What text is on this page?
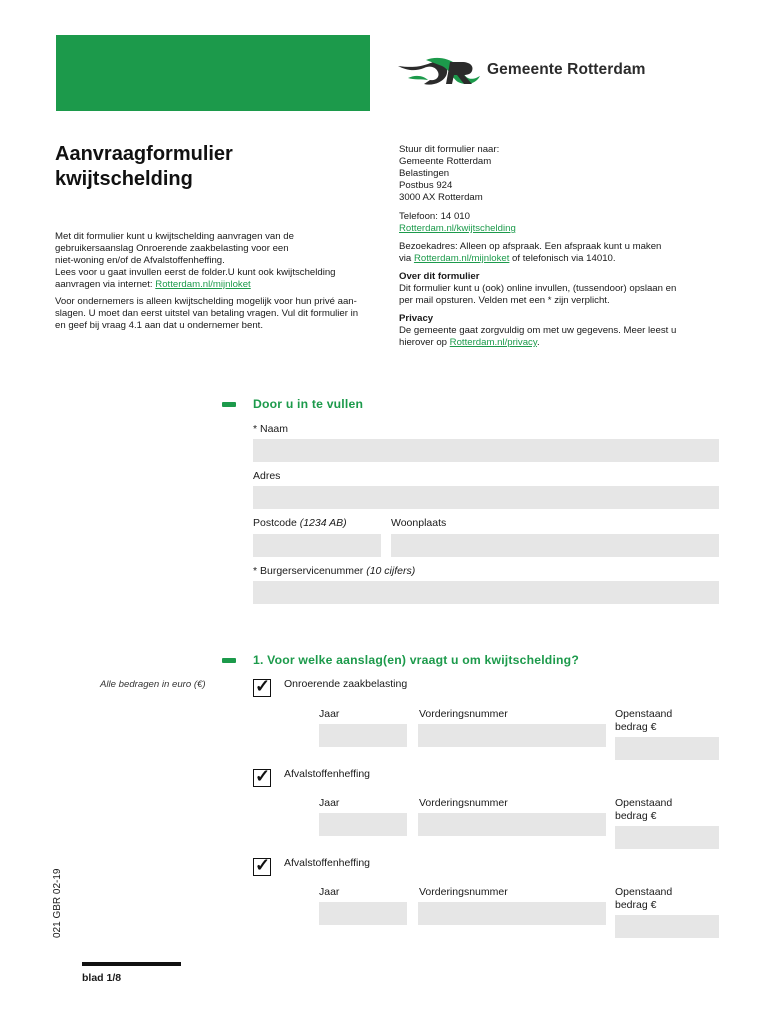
Gemeente Rotterdam
Aanvraagformulier
kwijtschelding
Met dit formulier kunt u kwijtschelding aanvragen van de
gebruikersaanslag Onroerende zaakbelasting voor een
niet-woning en/of de Afvalstoffenheffing.
Lees voor u gaat invullen eerst de folder.U kunt ook kwijtschelding
aanvragen via internet: Rotterdam.nl/mijnloket
Voor ondernemers is alleen kwijtschelding mogelijk voor hun privé aan-
slagen. U moet dan eerst uitstel van betaling vragen. Vul dit formulier in
en geef bij vraag 4.1 aan dat u ondernemer bent.
Stuur dit formulier naar:
Gemeente Rotterdam
Belastingen
Postbus 924
3000 AX Rotterdam
Telefoon: 14 010
Rotterdam.nl/kwijtschelding
Bezoekadres: Alleen op afspraak. Een afspraak kunt u maken
via Rotterdam.nl/mijnloket of telefonisch via 14010.
Over dit formulier
Dit formulier kunt u (ook) online invullen, (tussendoor) opslaan en
per mail opsturen. Velden met een * zijn verplicht.
Privacy
De gemeente gaat zorgvuldig om met uw gegevens. Meer leest u
hierover op Rotterdam.nl/privacy.
Door u in te vullen
* Naam
Adres
Postcode (1234 AB)	Woonplaats
* Burgerservicenummer (10 cijfers)
1. Voor welke aanslag(en) vraagt u om kwijtschelding?
Alle bedragen in euro (€)	✓ Onroerende zaakbelasting
Jaar	Vorderingsnummer	Openstaand
bedrag €
✓ Afvalstoffenheffing
Jaar	Vorderingsnummer	Openstaand
bedrag €
✓ Afvalstoffenheffing
Jaar	Vorderingsnummer	Openstaand
bedrag €
021 GBR 02-19
blad 1/8
